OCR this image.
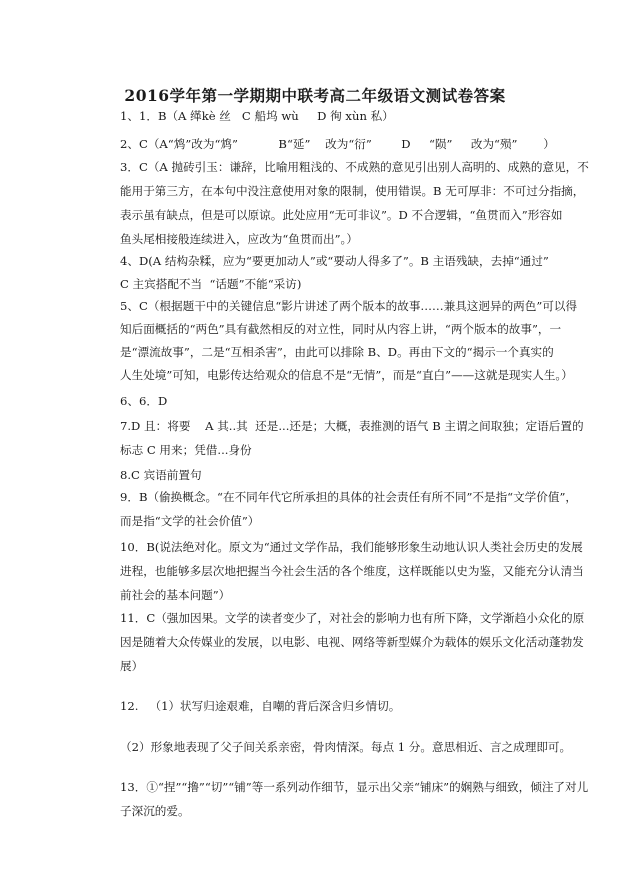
2016学年第一学期期中联考高二年级语文测试卷答案
1、1．B（A 缂kè 丝   C 船坞 wù     D 徇 xùn 私）
2、C（A“鸩”改为“鸩”           B“延”    改为“衍”        D     “陨”     改为“殒”       ）
3．C（A 抛砖引玉：谦辞，比喻用粗浅的、不成熟的意见引出别人高明的、成熟的意见，不
能用于第三方，在本句中没注意使用对象的限制，使用错误。B 无可厚非：不可过分指摘，
表示虽有缺点，但是可以原谅。此处应用“无可非议”。D 不合逻辑，“鱼贯而入”形容如
鱼头尾相接般连续进入，应改为“鱼贯而出”。）
4、D(A 结构杂糅，应为“要更加动人”或“要动人得多了”。B 主语残缺，去掉“通过”
C 主宾搭配不当  “话题”不能“采访)
5、C（根据题干中的关键信息“影片讲述了两个版本的故事……兼具这迥异的两色”可以得
知后面概括的“两色”具有截然相反的对立性，同时从内容上讲，“两个版本的故事”，一
是“漂流故事”，二是“互相杀害”，由此可以排除 B、D。再由下文的“揭示一个真实的
人生处境”可知，电影传达给观众的信息不是“无情”，而是“直白”——这就是现实人生。）
6、6．D
7.D 且：将要    A 其..其  还是...还是；大概，表推测的语气 B 主谓之间取独；定语后置的
标志 C 用来；凭借...身份
8.C 宾语前置句
9．B（偷换概念。“在不同年代它所承担的具体的社会责任有所不同”不是指“文学价值”，
而是指“文学的社会价值”）
10．B(说法绝对化。原文为“通过文学作品，我们能够形象生动地认识人类社会历史的发展
进程，也能够多层次地把握当今社会生活的各个维度，这样既能以史为鉴，又能充分认清当
前社会的基本问题”）
11．C（强加因果。文学的读者变少了，对社会的影响力也有所下降，文学渐趋小众化的原
因是随着大众传媒业的发展，以电影、电视、网络等新型媒介为载体的娱乐文化活动蓬勃发
展）
12.   （1）状写归途艰难，自嘲的背后深含归乡情切。
（2）形象地表现了父子间关系亲密，骨肉情深。每点 1 分。意思相近、言之成理即可。
13．①“捏”“撸”“切”“铺”等一系列动作细节，显示出父亲“铺床”的娴熟与细致，倾注了对儿
子深沉的爱。
